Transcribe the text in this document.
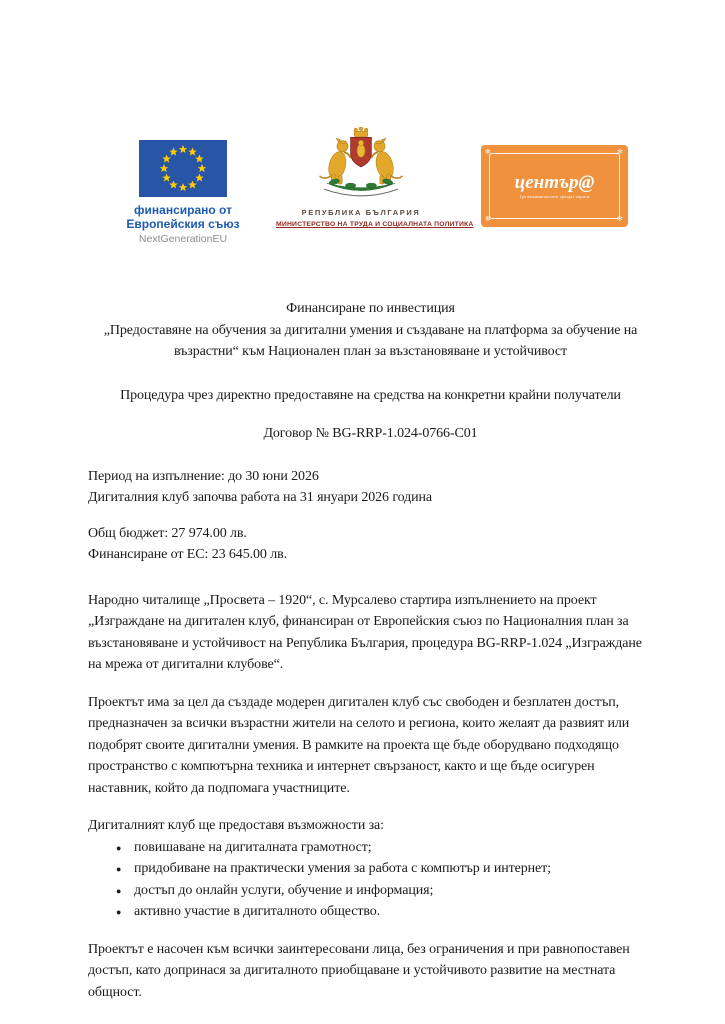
финансирано от
Европейския съюз
NextGenerationEU
РЕПУБЛИКА БЪЛГАРИЯ
МИНИСТЕРСТВО НА ТРУДА И СОЦИАЛНАТА ПОЛИТИКА
център@
Тук възможностите срещат хората
✻	✻
✻	✻

Финансиране по инвестиция

„Предоставяне на обучения за дигитални умения и създаване на платформа за обучение на възрастни“ към Национален план за възстановяване и устойчивост

Процедура чрез директно предоставяне на средства на конкретни крайни получатели

Договор № BG-RRP-1.024-0766-C01

Период на изпълнение: до 30 юни 2026

Дигиталния клуб започва работа на 31 януари 2026 година

Общ бюджет: 27 974.00 лв.

Финансиране от ЕС: 23 645.00 лв.

Народно читалище „Просвета – 1920“, с. Мурсалево стартира изпълнението на проект „Изграждане на дигитален клуб, финансиран от Европейския съюз по Националния план за възстановяване и устойчивост на Република България, процедура BG-RRP-1.024 „Изграждане на мрежа от дигитални клубове“.

Проектът има за цел да създаде модерен дигитален клуб със свободен и безплатен достъп, предназначен за всички възрастни жители на селото и региона, които желаят да развият или подобрят своите дигитални умения. В рамките на проекта ще бъде оборудвано подходящо пространство с компютърна техника и интернет свързаност, както и ще бъде осигурен наставник, който да подпомага участниците.

Дигиталният клуб ще предоставя възможности за:

● повишаване на дигиталната грамотност;
● придобиване на практически умения за работа с компютър и интернет;
● достъп до онлайн услуги, обучение и информация;
● активно участие в дигиталното общество.

Проектът е насочен към всички заинтересовани лица, без ограничения и при равнопоставен достъп, като допринася за дигиталното приобщаване и устойчивото развитие на местната общност.
